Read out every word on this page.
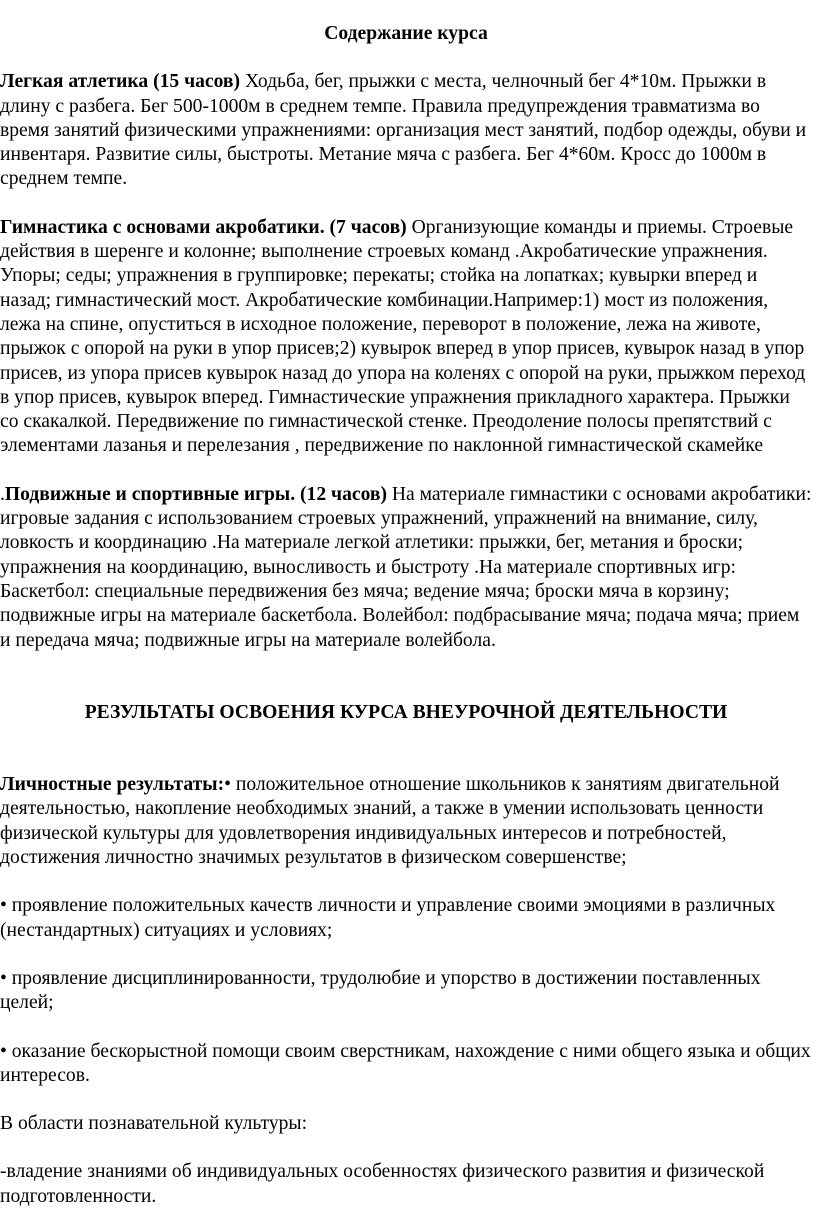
Содержание курса

Легкая атлетика (15 часов) Ходьба, бег, прыжки с места, челночный бег 4*10м. Прыжки в длину с разбега. Бег 500-1000м в среднем темпе. Правила предупреждения травматизма во время занятий физическими упражнениями: организация мест занятий, подбор одежды, обуви и инвентаря. Развитие силы, быстроты. Метание мяча с разбега. Бег 4*60м. Кросс до 1000м в среднем темпе.

Гимнастика с основами акробатики. (7 часов) Организующие команды и приемы. Строевые действия в шеренге и колонне; выполнение строевых команд .Акробатические упражнения. Упоры; седы; упражнения в группировке; перекаты; стойка на лопатках; кувырки вперед и назад; гимнастический мост. Акробатические комбинации.Например:1) мост из положения, лежа на спине, опуститься в исходное положение, переворот в положение, лежа на животе, прыжок с опорой на руки в упор присев;2) кувырок вперед в упор присев, кувырок назад в упор присев, из упора присев кувырок назад до упора на коленях с опорой на руки, прыжком переход в упор присев, кувырок вперед. Гимнастические упражнения прикладного характера. Прыжки со скакалкой. Передвижение по гимнастической стенке. Преодоление полосы препятствий с элементами лазанья и перелезания , передвижение по наклонной гимнастической скамейке

.Подвижные и спортивные игры. (12 часов) На материале гимнастики с основами акробатики: игровые задания с использованием строевых упражнений, упражнений на внимание, силу, ловкость и координацию .На материале легкой атлетики: прыжки, бег, метания и броски; упражнения на координацию, выносливость и быстроту .На материале спортивных игр: Баскетбол: специальные передвижения без мяча; ведение мяча; броски мяча в корзину; подвижные игры на материале баскетбола. Волейбол: подбрасывание мяча; подача мяча; прием и передача мяча; подвижные игры на материале волейбола.

РЕЗУЛЬТАТЫ ОСВОЕНИЯ КУРСА ВНЕУРОЧНОЙ ДЕЯТЕЛЬНОСТИ

Личностные результаты:• положительное отношение школьников к занятиям двигательной деятельностью, накопление необходимых знаний, а также в умении использовать ценности физической культуры для удовлетворения индивидуальных интересов и потребностей, достижения личностно значимых результатов в физическом совершенстве;

• проявление положительных качеств личности и управление своими эмоциями в различных (нестандартных) ситуациях и условиях;

• проявление дисциплинированности, трудолюбие и упорство в достижении поставленных целей;

• оказание бескорыстной помощи своим сверстникам, нахождение с ними общего языка и общих интересов.

В области познавательной культуры:

-владение знаниями об индивидуальных особенностях физического развития и физической подготовленности.
